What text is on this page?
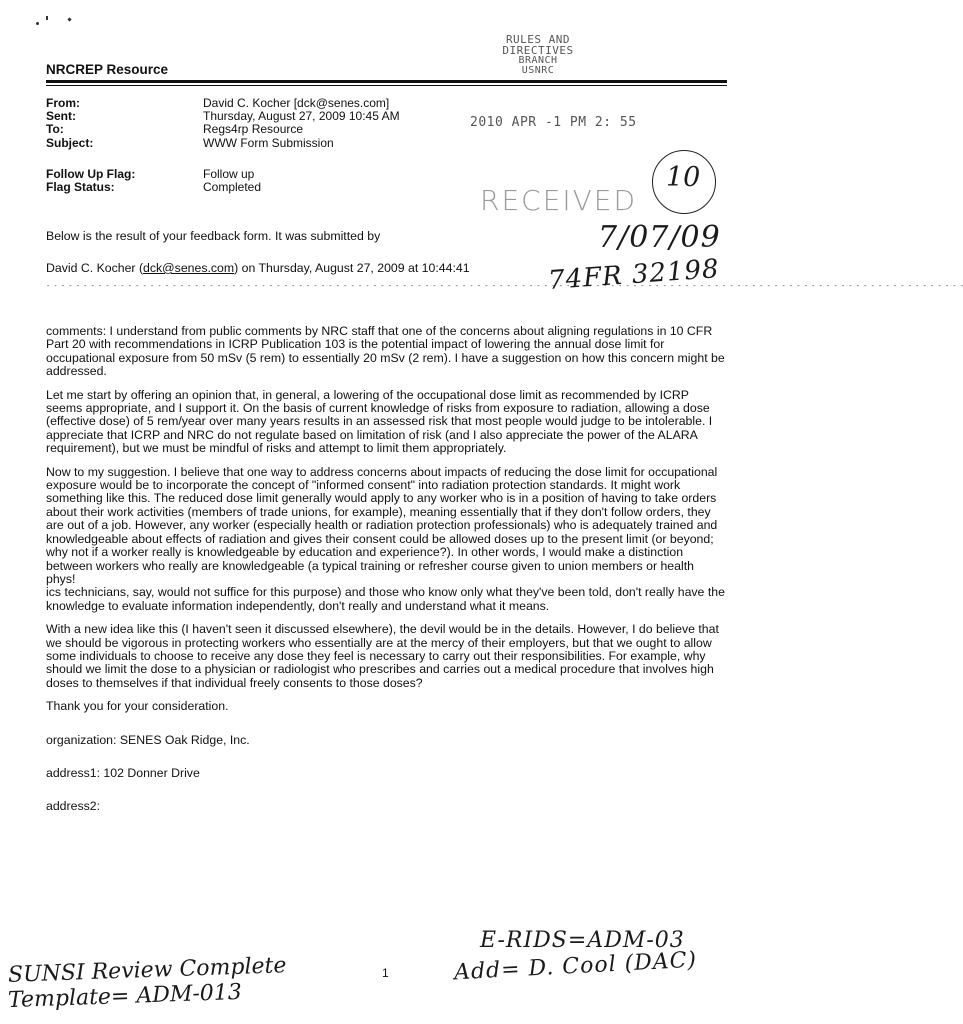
RULES AND DIRECTIVES
BRANCH
USNRC
2010 APR -1 PM 2: 55
RECEIVED
NRCREP Resource
From:	David C. Kocher [dck@senes.com]
Sent:	Thursday, August 27, 2009 10:45 AM
To:	Regs4rp Resource
Subject:	WWW Form Submission
Follow Up Flag:	Follow up
Flag Status:	Completed	10
7/07/09
74FR 32198
Below is the result of your feedback form. It was submitted by
David C. Kocher (dck@senes.com) on Thursday, August 27, 2009 at 10:44:41
- - - - - - - - - - - - - - - - - - - - - - - - - - - - - - - - - - - - - - - - - - - - - - - - - - - - - - - - - - - - - - - - - - - - - - - - - - - - - - - - - - - - - - - - - - - - - - - - - - - - - - - - - - - - - - - - - - - - - - - - - - - -

comments: I understand from public comments by NRC staff that one of the concerns about aligning regulations in 10 CFR Part 20 with recommendations in ICRP Publication 103 is the potential impact of lowering the annual dose limit for occupational exposure from 50 mSv (5 rem) to essentially 20 mSv (2 rem). I have a suggestion on how this concern might be addressed.

Let me start by offering an opinion that, in general, a lowering of the occupational dose limit as recommended by ICRP seems appropriate, and I support it. On the basis of current knowledge of risks from exposure to radiation, allowing a dose (effective dose) of 5 rem/year over many years results in an assessed risk that most people would judge to be intolerable. I appreciate that ICRP and NRC do not regulate based on limitation of risk (and I also appreciate the power of the ALARA requirement), but we must be mindful of risks and attempt to limit them appropriately.

Now to my suggestion. I believe that one way to address concerns about impacts of reducing the dose limit for occupational exposure would be to incorporate the concept of "informed consent" into radiation protection standards. It might work something like this. The reduced dose limit generally would apply to any worker who is in a position of having to take orders about their work activities (members of trade unions, for example), meaning essentially that if they don't follow orders, they are out of a job. However, any worker (especially health or radiation protection professionals) who is adequately trained and knowledgeable about effects of radiation and gives their consent could be allowed doses up to the present limit (or beyond; why not if a worker really is knowledgeable by education and experience?). In other words, I would make a distinction between workers who really are knowledgeable (a typical training or refresher course given to union members or health phys!
ics technicians, say, would not suffice for this purpose) and those who know only what they've been told, don't really have the knowledge to evaluate information independently, don't really and understand what it means.

With a new idea like this (I haven't seen it discussed elsewhere), the devil would be in the details. However, I do believe that we should be vigorous in protecting workers who essentially are at the mercy of their employers, but that we ought to allow some individuals to choose to receive any dose they feel is necessary to carry out their responsibilities. For example, why should we limit the dose to a physician or radiologist who prescribes and carries out a medical procedure that involves high doses to themselves if that individual freely consents to those doses?

Thank you for your consideration.

organization: SENES Oak Ridge, Inc.

address1: 102 Donner Drive

address2:

E-RIDS=ADM-03
Add= D. Cool (DAC)
SUNSI Review Complete
Template= ADM-013
1
